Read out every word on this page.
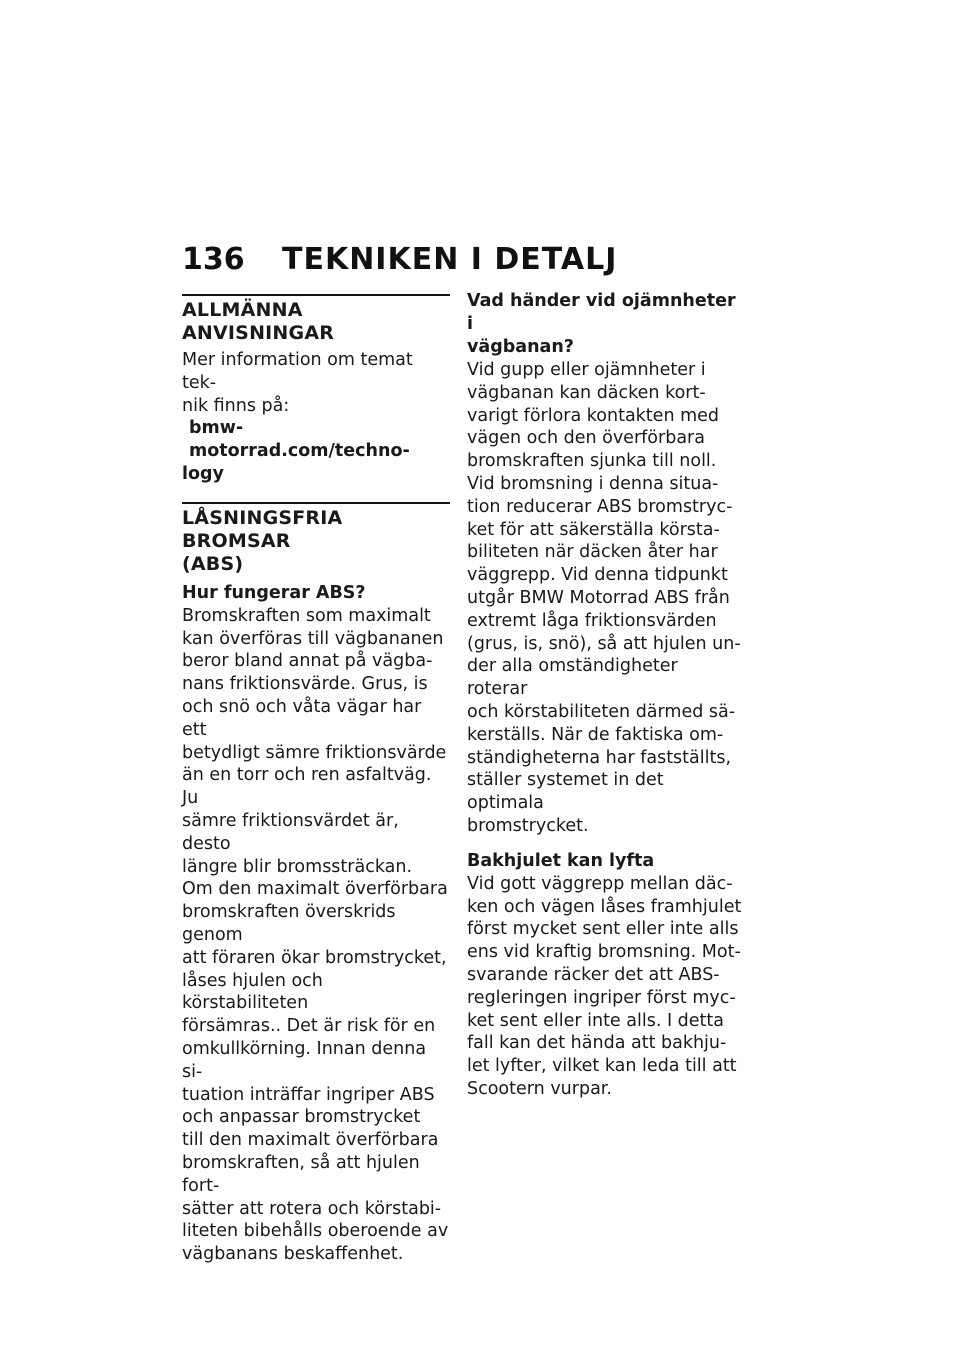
136 TEKNIKEN I DETALJ
ALLMÄNNA ANVISNINGAR

Mer information om temat tek-

nik finns på:

bmw-motorrad.com/techno-

logy

LÅSNINGSFRIA BROMSAR
(ABS)
Hur fungerar ABS?

Bromskraften som maximalt

kan överföras till vägbananen

beror bland annat på vägba-

nans friktionsvärde. Grus, is

och snö och våta vägar har ett

betydligt sämre friktionsvärde

än en torr och ren asfaltväg. Ju

sämre friktionsvärdet är, desto

längre blir bromssträckan.

Om den maximalt överförbara

bromskraften överskrids genom

att föraren ökar bromstrycket,

låses hjulen och körstabiliteten

försämras.. Det är risk för en

omkullkörning. Innan denna si-

tuation inträffar ingriper ABS

och anpassar bromstrycket

till den maximalt överförbara

bromskraften, så att hjulen fort-

sätter att rotera och körstabi-

liteten bibehålls oberoende av

vägbanans beskaffenhet.

Vad händer vid ojämnheter i
vägbanan?

Vid gupp eller ojämnheter i

vägbanan kan däcken kort-

varigt förlora kontakten med

vägen och den överförbara

bromskraften sjunka till noll.

Vid bromsning i denna situa-

tion reducerar ABS bromstryc-

ket för att säkerställa körsta-

biliteten när däcken åter har

väggrepp. Vid denna tidpunkt

utgår BMW Motorrad ABS från

extremt låga friktionsvärden

(grus, is, snö), så att hjulen un-

der alla omständigheter roterar

och körstabiliteten därmed sä-

kerställs. När de faktiska om-

ständigheterna har fastställts,

ställer systemet in det optimala

bromstrycket.

Bakhjulet kan lyfta

Vid gott väggrepp mellan däc-

ken och vägen låses framhjulet

först mycket sent eller inte alls

ens vid kraftig bromsning. Mot-

svarande räcker det att ABS-

regleringen ingriper först myc-

ket sent eller inte alls. I detta

fall kan det hända att bakhju-

let lyfter, vilket kan leda till att

Scootern vurpar.
